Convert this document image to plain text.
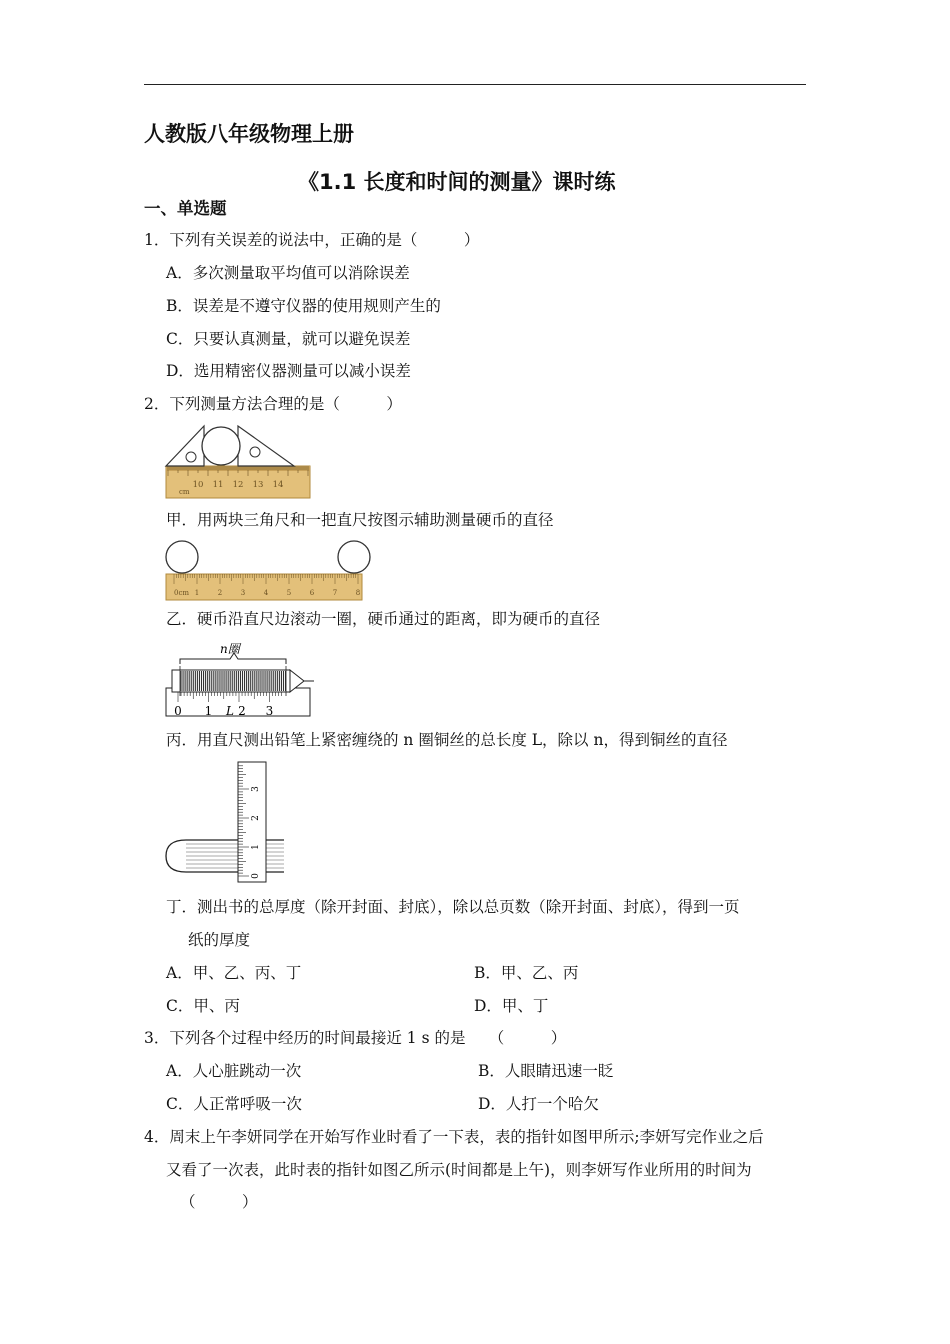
人教版八年级物理上册
《1.1 长度和时间的测量》课时练
一、单选题
1．下列有关误差的说法中，正确的是（　　　）
A．多次测量取平均值可以消除误差
B．误差是不遵守仪器的使用规则产生的
C．只要认真测量，就可以避免误差
D．选用精密仪器测量可以减小误差
2．下列测量方法合理的是（　　　）
cm
10 11 12 13 14
甲．用两块三角尺和一把直尺按图示辅助测量硬币的直径
0cm 1	2	3	4	5	6	7	8
乙．硬币沿直尺边滚动一圈，硬币通过的距离，即为硬币的直径
n圈
0 1 L 2 3
丙．用直尺测出铅笔上紧密缠绕的 n 圈铜丝的总长度 L，除以 n，得到铜丝的直径
0
1
2
3
丁．测出书的总厚度（除开封面、封底），除以总页数（除开封面、封底），得到一页
纸的厚度
A．甲、乙、丙、丁	B．甲、乙、丙
C．甲、丙	D．甲、丁
3．下列各个过程中经历的时间最接近 1 s 的是　　（　　　）
A．人心脏跳动一次	B．人眼睛迅速一眨
C．人正常呼吸一次	D．人打一个哈欠
4．周末上午李妍同学在开始写作业时看了一下表，表的指针如图甲所示;李妍写完作业之后
又看了一次表，此时表的指针如图乙所示(时间都是上午)，则李妍写作业所用的时间为
（　　　）
